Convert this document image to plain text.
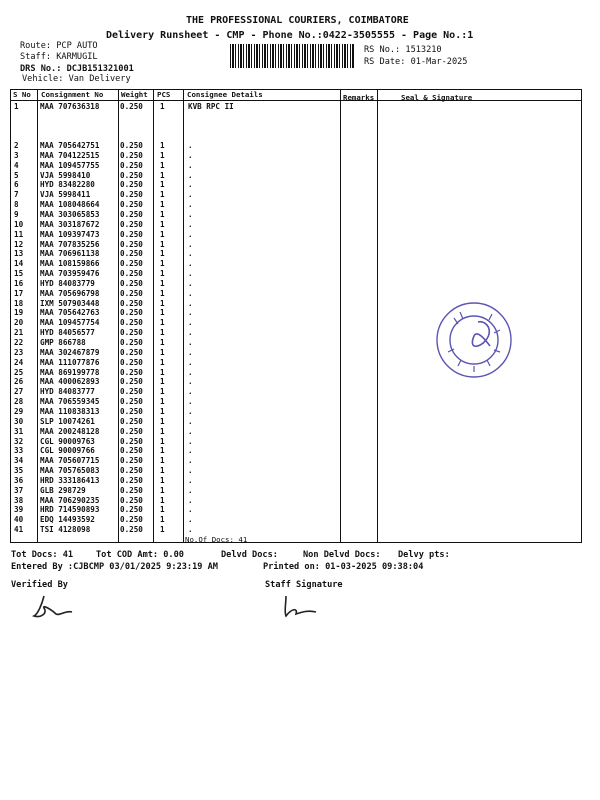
THE PROFESSIONAL COURIERS, COIMBATORE
Delivery Runsheet - CMP - Phone No.:0422-3505555 - Page No.:1
Route: PCP AUTO
Staff: KARMUGIL
DRS No.: DCJB151321001
Vehicle: Van Delivery
RS No.: 1513210
RS Date: 01-Mar-2025
S No Consignment No Weight PCS Consignee Details	Remarks	Seal & Signature
1	MAA 707636318	0.250 1	KVB RPC II
2	MAA 705642751	0.250 1	.
3	MAA 704122515	0.250 1	.
4	MAA 109457755	0.250 1	.
5	VJA 5998410	0.250 1	.
6	HYD 83482280	0.250 1	.
7	VJA 5998411	0.250 1	.
8	MAA 108048664	0.250 1	.
9	MAA 303065853	0.250 1	.
10 MAA 303187672	0.250 1	.
11 MAA 109397473	0.250 1	.
12 MAA 707835256	0.250 1	.
13 MAA 706961138	0.250 1	.
14 MAA 108159866	0.250 1	.
15 MAA 703959476	0.250 1	.
16 HYD 84083779	0.250 1	.
17 MAA 705696798	0.250 1	.
18 IXM 507903448	0.250 1	.
19 MAA 705642763	0.250 1	.
20 MAA 109457754	0.250 1	.
21 HYD 84056577	0.250 1	.
22 GMP 866788	0.250 1	.
23 MAA 302467879	0.250 1	.
24 MAA 111077876	0.250 1	.
25 MAA 869199778	0.250 1	.
26 MAA 400062893	0.250 1	.
27 HYD 84083777	0.250 1	.
28 MAA 706559345	0.250 1	.
29 MAA 110838313	0.250 1	.
30 SLP 10074261	0.250 1	.
31 MAA 200248128	0.250 1	.
32 CGL 90009763	0.250 1	.
33 CGL 90009766	0.250 1	.
34 MAA 705607715	0.250 1	.
35 MAA 705765083	0.250 1	.
36 HRD 333186413	0.250 1	.
37 GLB 298729	0.250 1	.
38 MAA 706290235	0.250 1	.
39 HRD 714590893	0.250 1	.
40 EDQ 14493592	0.250 1	.
41 TSI 4128098	0.250 1	.
No.Of Docs: 41
Tot Docs: 41	Tot COD Amt: 0.00	Delvd Docs:	Non Delvd Docs: Delvy pts:
Entered By :CJBCMP 03/01/2025 9:23:19 AM	Printed on: 01-03-2025 09:38:04
Verified By	Staff Signature
